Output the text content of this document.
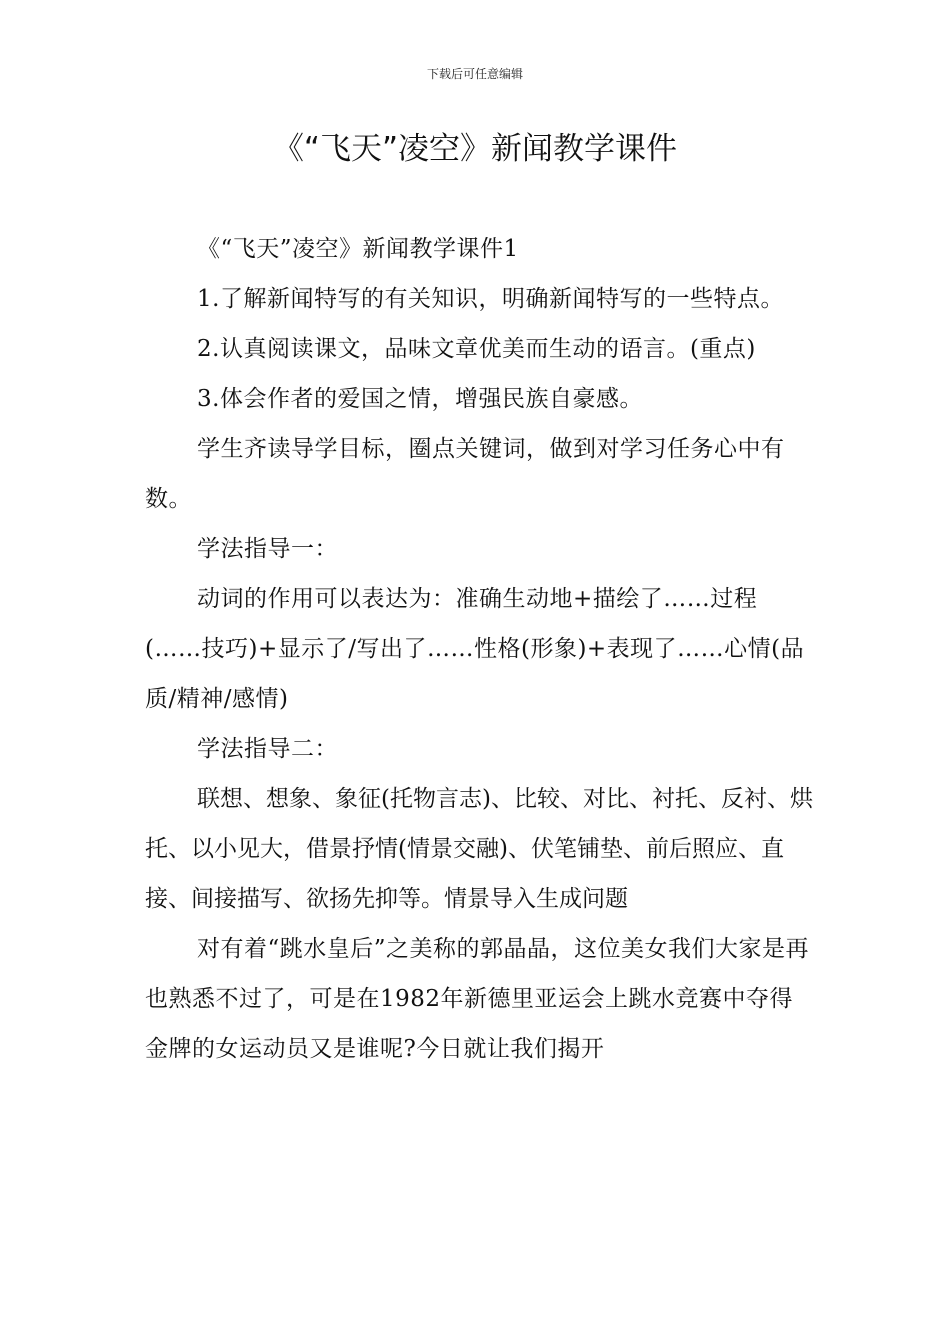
下载后可任意编辑
《“飞天”凌空》新闻教学课件

《“飞天”凌空》新闻教学课件1

1.了解新闻特写的有关知识，明确新闻特写的一些特点。

2.认真阅读课文，品味文章优美而生动的语言。(重点)

3.体会作者的爱国之情，增强民族自豪感。

学生齐读导学目标，圈点关键词，做到对学习任务心中有数。

学法指导一：

动词的作用可以表达为：准确生动地+描绘了……过程(……技巧)+显示了/写出了……性格(形象)+表现了……心情(品质/精神/感情)

学法指导二：

联想、想象、象征(托物言志)、比较、对比、衬托、反衬、烘托、以小见大，借景抒情(情景交融)、伏笔铺垫、前后照应、直接、间接描写、欲扬先抑等。情景导入生成问题

对有着“跳水皇后”之美称的郭晶晶，这位美女我们大家是再也熟悉不过了，可是在1982年新德里亚运会上跳水竞赛中夺得金牌的女运动员又是谁呢?今日就让我们揭开
